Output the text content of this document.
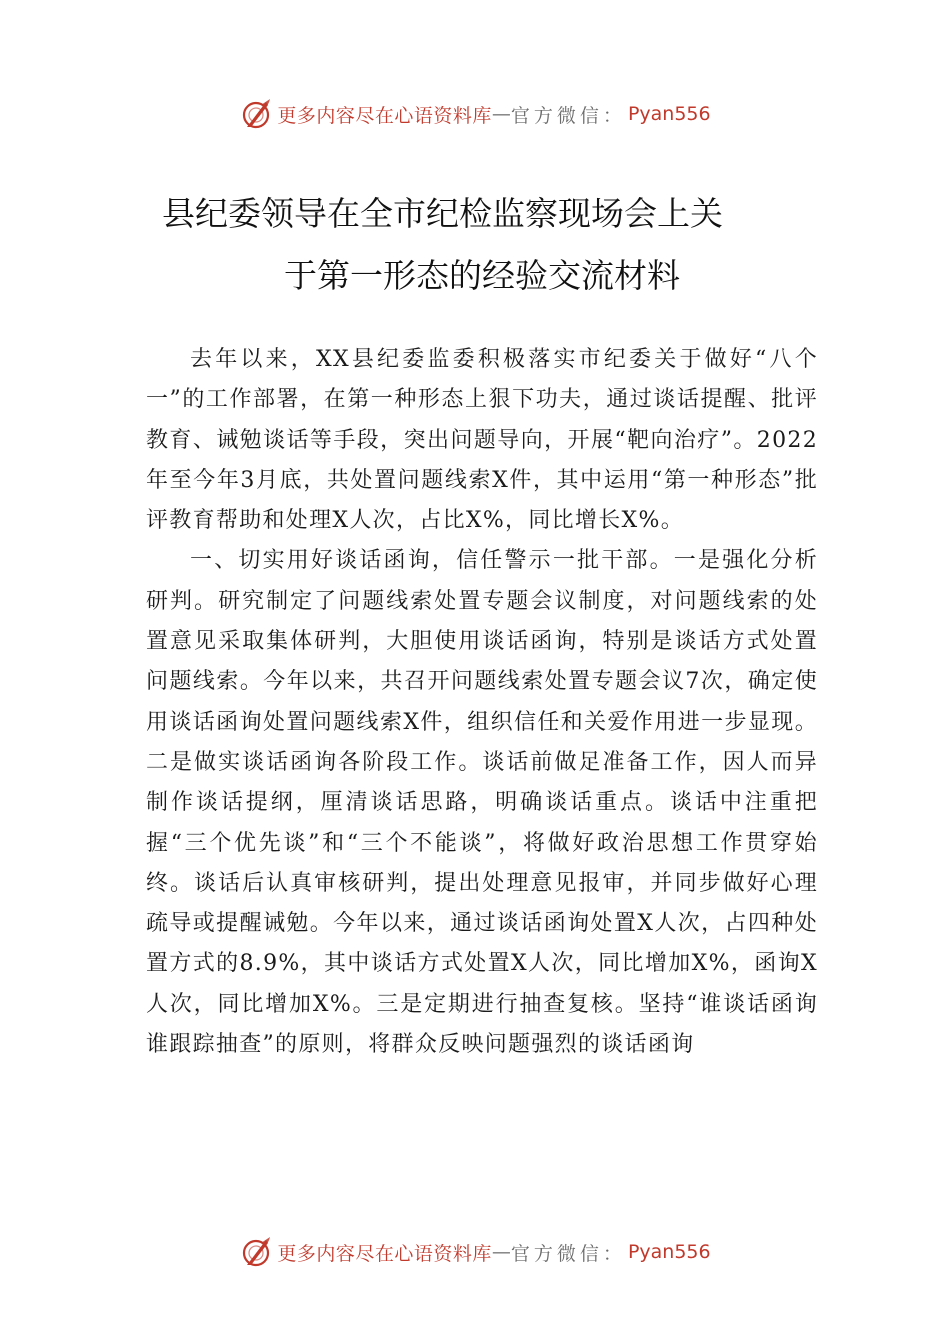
更多内容尽在心语资料库 — 官方微信： Pyan556
县纪委领导在全市纪检监察现场会上关
于第一形态的经验交流材料

去年以来，XX县纪委监委积极落实市纪委关于做好“八个一”的工作部署，在第一种形态上狠下功夫，通过谈话提醒、批评教育、诫勉谈话等手段，突出问题导向，开展“靶向治疗”。2022年至今年3月底，共处置问题线索X件，其中运用“第一种形态”批评教育帮助和处理X人次，占比X%，同比增长X%。

一、切实用好谈话函询，信任警示一批干部。一是强化分析研判。研究制定了问题线索处置专题会议制度，对问题线索的处置意见采取集体研判，大胆使用谈话函询，特别是谈话方式处置问题线索。今年以来，共召开问题线索处置专题会议7次，确定使用谈话函询处置问题线索X件，组织信任和关爱作用进一步显现。二是做实谈话函询各阶段工作。谈话前做足准备工作，因人而异制作谈话提纲，厘清谈话思路，明确谈话重点。谈话中注重把握“三个优先谈”和“三个不能谈”，将做好政治思想工作贯穿始终。谈话后认真审核研判，提出处理意见报审，并同步做好心理疏导或提醒诫勉。今年以来，通过谈话函询处置X人次，占四种处置方式的8.9%，其中谈话方式处置X人次，同比增加X%，函询X人次，同比增加X%。三是定期进行抽查复核。坚持“谁谈话函询谁跟踪抽查”的原则，将群众反映问题强烈的谈话函询

更多内容尽在心语资料库 — 官方微信： Pyan556
